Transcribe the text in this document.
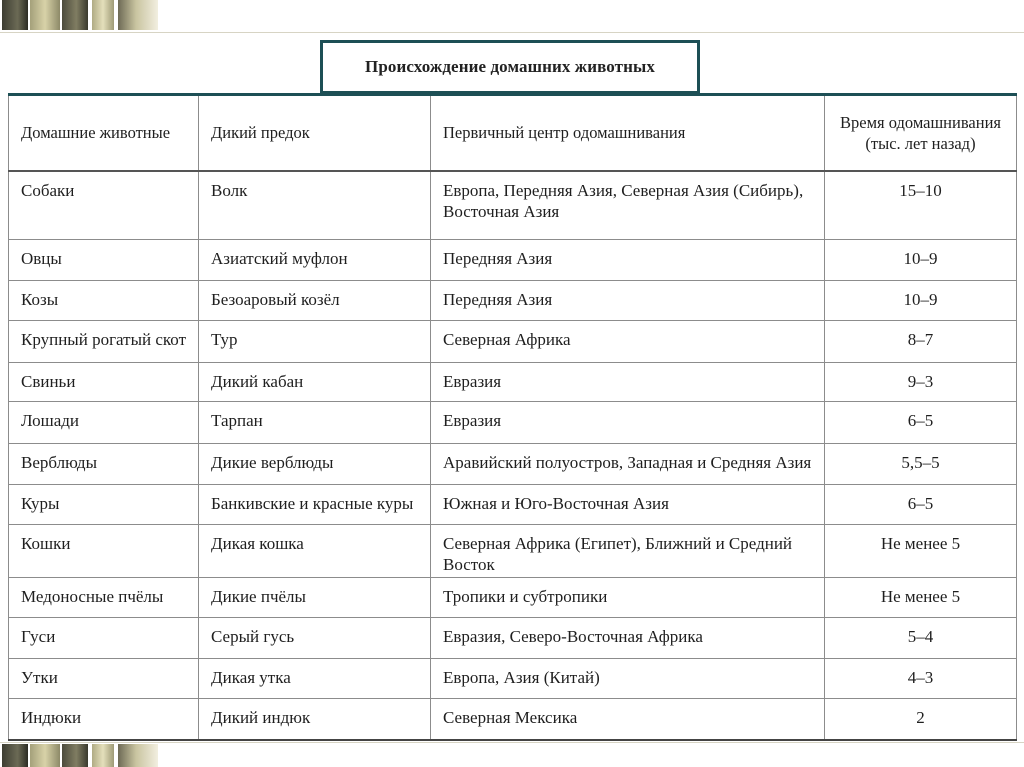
Происхождение домашних животных
Домашние животные	Дикий предок	Первичный центр одомашнивания	Время одомашнивания (тыс. лет назад)
Собаки	Волк	Европа, Передняя Азия, Северная Азия (Сибирь), Восточная Азия	15–10
Овцы	Азиатский муфлон	Передняя Азия	10–9
Козы	Безоаровый козёл	Передняя Азия	10–9
Крупный рогатый скот	Тур	Северная Африка	8–7
Свиньи	Дикий кабан	Евразия	9–3
Лошади	Тарпан	Евразия	6–5
Верблюды	Дикие верблюды	Аравийский полуостров, Западная и Средняя Азия	5,5–5
Куры	Банкивские и красные куры	Южная и Юго-Восточная Азия	6–5
Кошки	Дикая кошка	Северная Африка (Египет), Ближний и Средний Восток	Не менее 5
Медоносные пчёлы	Дикие пчёлы	Тропики и субтропики	Не менее 5
Гуси	Серый гусь	Евразия, Северо-Восточная Африка	5–4
Утки	Дикая утка	Европа, Азия (Китай)	4–3
Индюки	Дикий индюк	Северная Мексика	2
